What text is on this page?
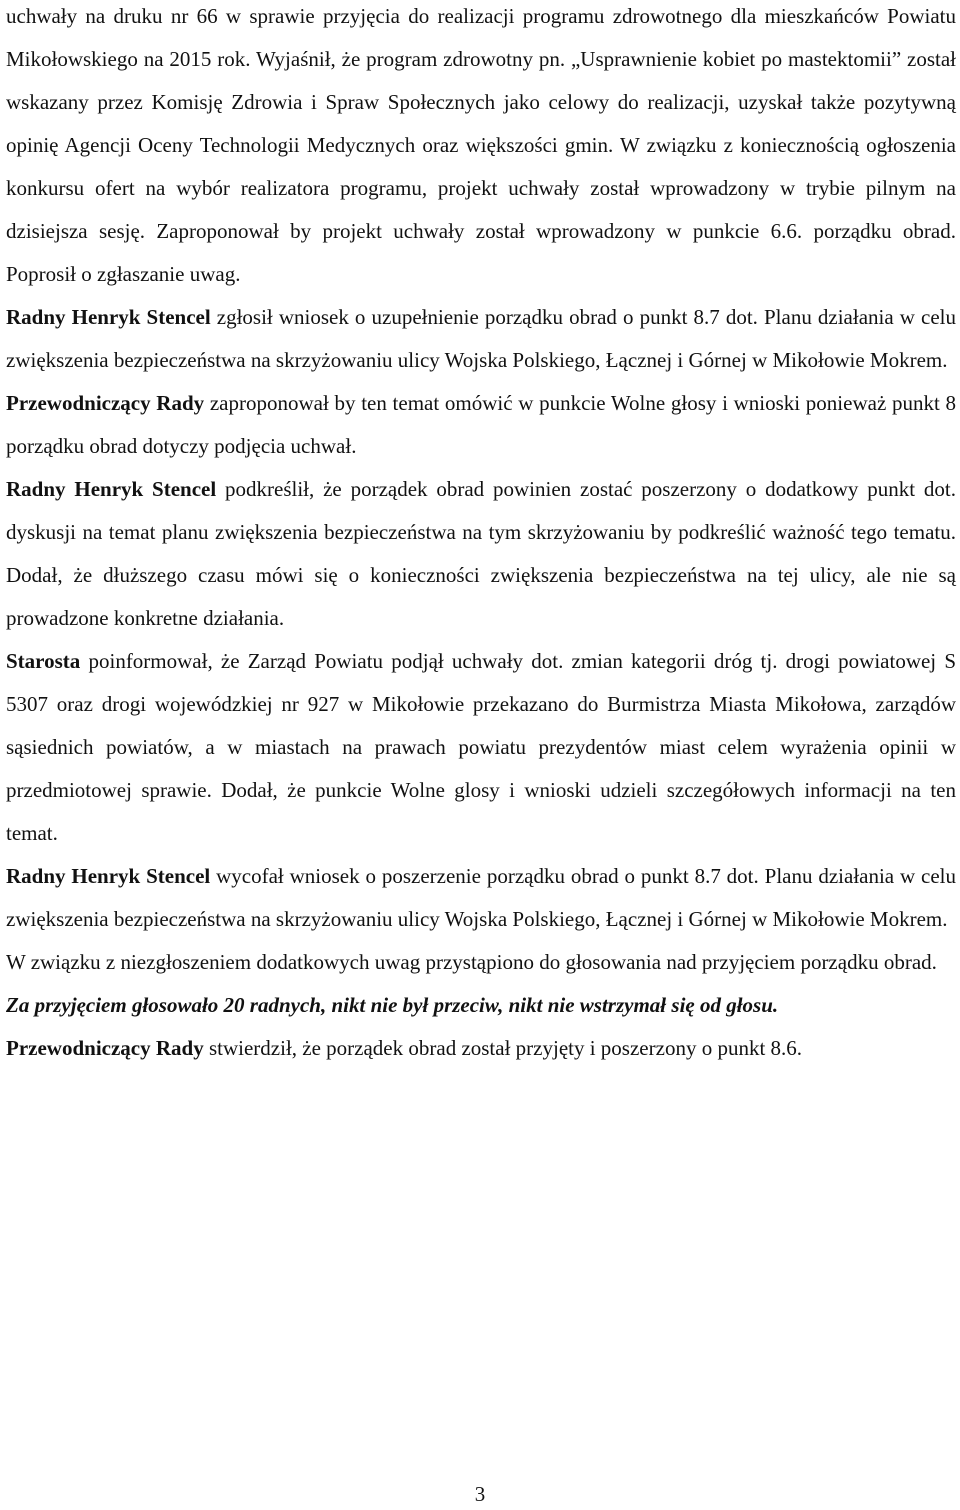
uchwały na druku nr 66 w sprawie przyjęcia do realizacji programu zdrowotnego dla mieszkańców Powiatu Mikołowskiego na 2015 rok. Wyjaśnił, że program zdrowotny pn. „Usprawnienie kobiet po mastektomii” został wskazany przez Komisję Zdrowia i Spraw Społecznych jako celowy do realizacji, uzyskał także pozytywną opinię Agencji Oceny Technologii Medycznych oraz większości gmin. W związku z koniecznością ogłoszenia konkursu ofert na wybór realizatora programu, projekt uchwały został wprowadzony w trybie pilnym na dzisiejsza sesję. Zaproponował by projekt uchwały został wprowadzony w punkcie 6.6. porządku obrad. Poprosił o zgłaszanie uwag.

Radny Henryk Stencel zgłosił wniosek o uzupełnienie porządku obrad o punkt 8.7 dot. Planu działania w celu zwiększenia bezpieczeństwa na skrzyżowaniu ulicy Wojska Polskiego, Łącznej i Górnej w Mikołowie Mokrem.

Przewodniczący Rady zaproponował by ten temat omówić w punkcie Wolne głosy i wnioski ponieważ punkt 8 porządku obrad dotyczy podjęcia uchwał.

Radny Henryk Stencel podkreślił, że porządek obrad powinien zostać poszerzony o dodatkowy punkt dot. dyskusji na temat planu zwiększenia bezpieczeństwa na tym skrzyżowaniu by podkreślić ważność tego tematu. Dodał, że dłuższego czasu mówi się o konieczności zwiększenia bezpieczeństwa na tej ulicy, ale nie są prowadzone konkretne działania.

Starosta poinformował, że Zarząd Powiatu podjął uchwały dot. zmian kategorii dróg tj. drogi powiatowej S 5307 oraz drogi wojewódzkiej nr 927 w Mikołowie przekazano do Burmistrza Miasta Mikołowa, zarządów sąsiednich powiatów, a w miastach na prawach powiatu prezydentów miast celem wyrażenia opinii w przedmiotowej sprawie. Dodał, że punkcie Wolne glosy i wnioski udzieli szczegółowych informacji na ten temat.

Radny Henryk Stencel wycofał wniosek o poszerzenie porządku obrad o punkt 8.7 dot. Planu działania w celu zwiększenia bezpieczeństwa na skrzyżowaniu ulicy Wojska Polskiego, Łącznej i Górnej w Mikołowie Mokrem.

W związku z niezgłoszeniem dodatkowych uwag przystąpiono do głosowania nad przyjęciem porządku obrad.

Za przyjęciem głosowało 20 radnych, nikt nie był przeciw, nikt nie wstrzymał się od głosu.

Przewodniczący Rady stwierdził, że porządek obrad został przyjęty i poszerzony o punkt 8.6.

3
